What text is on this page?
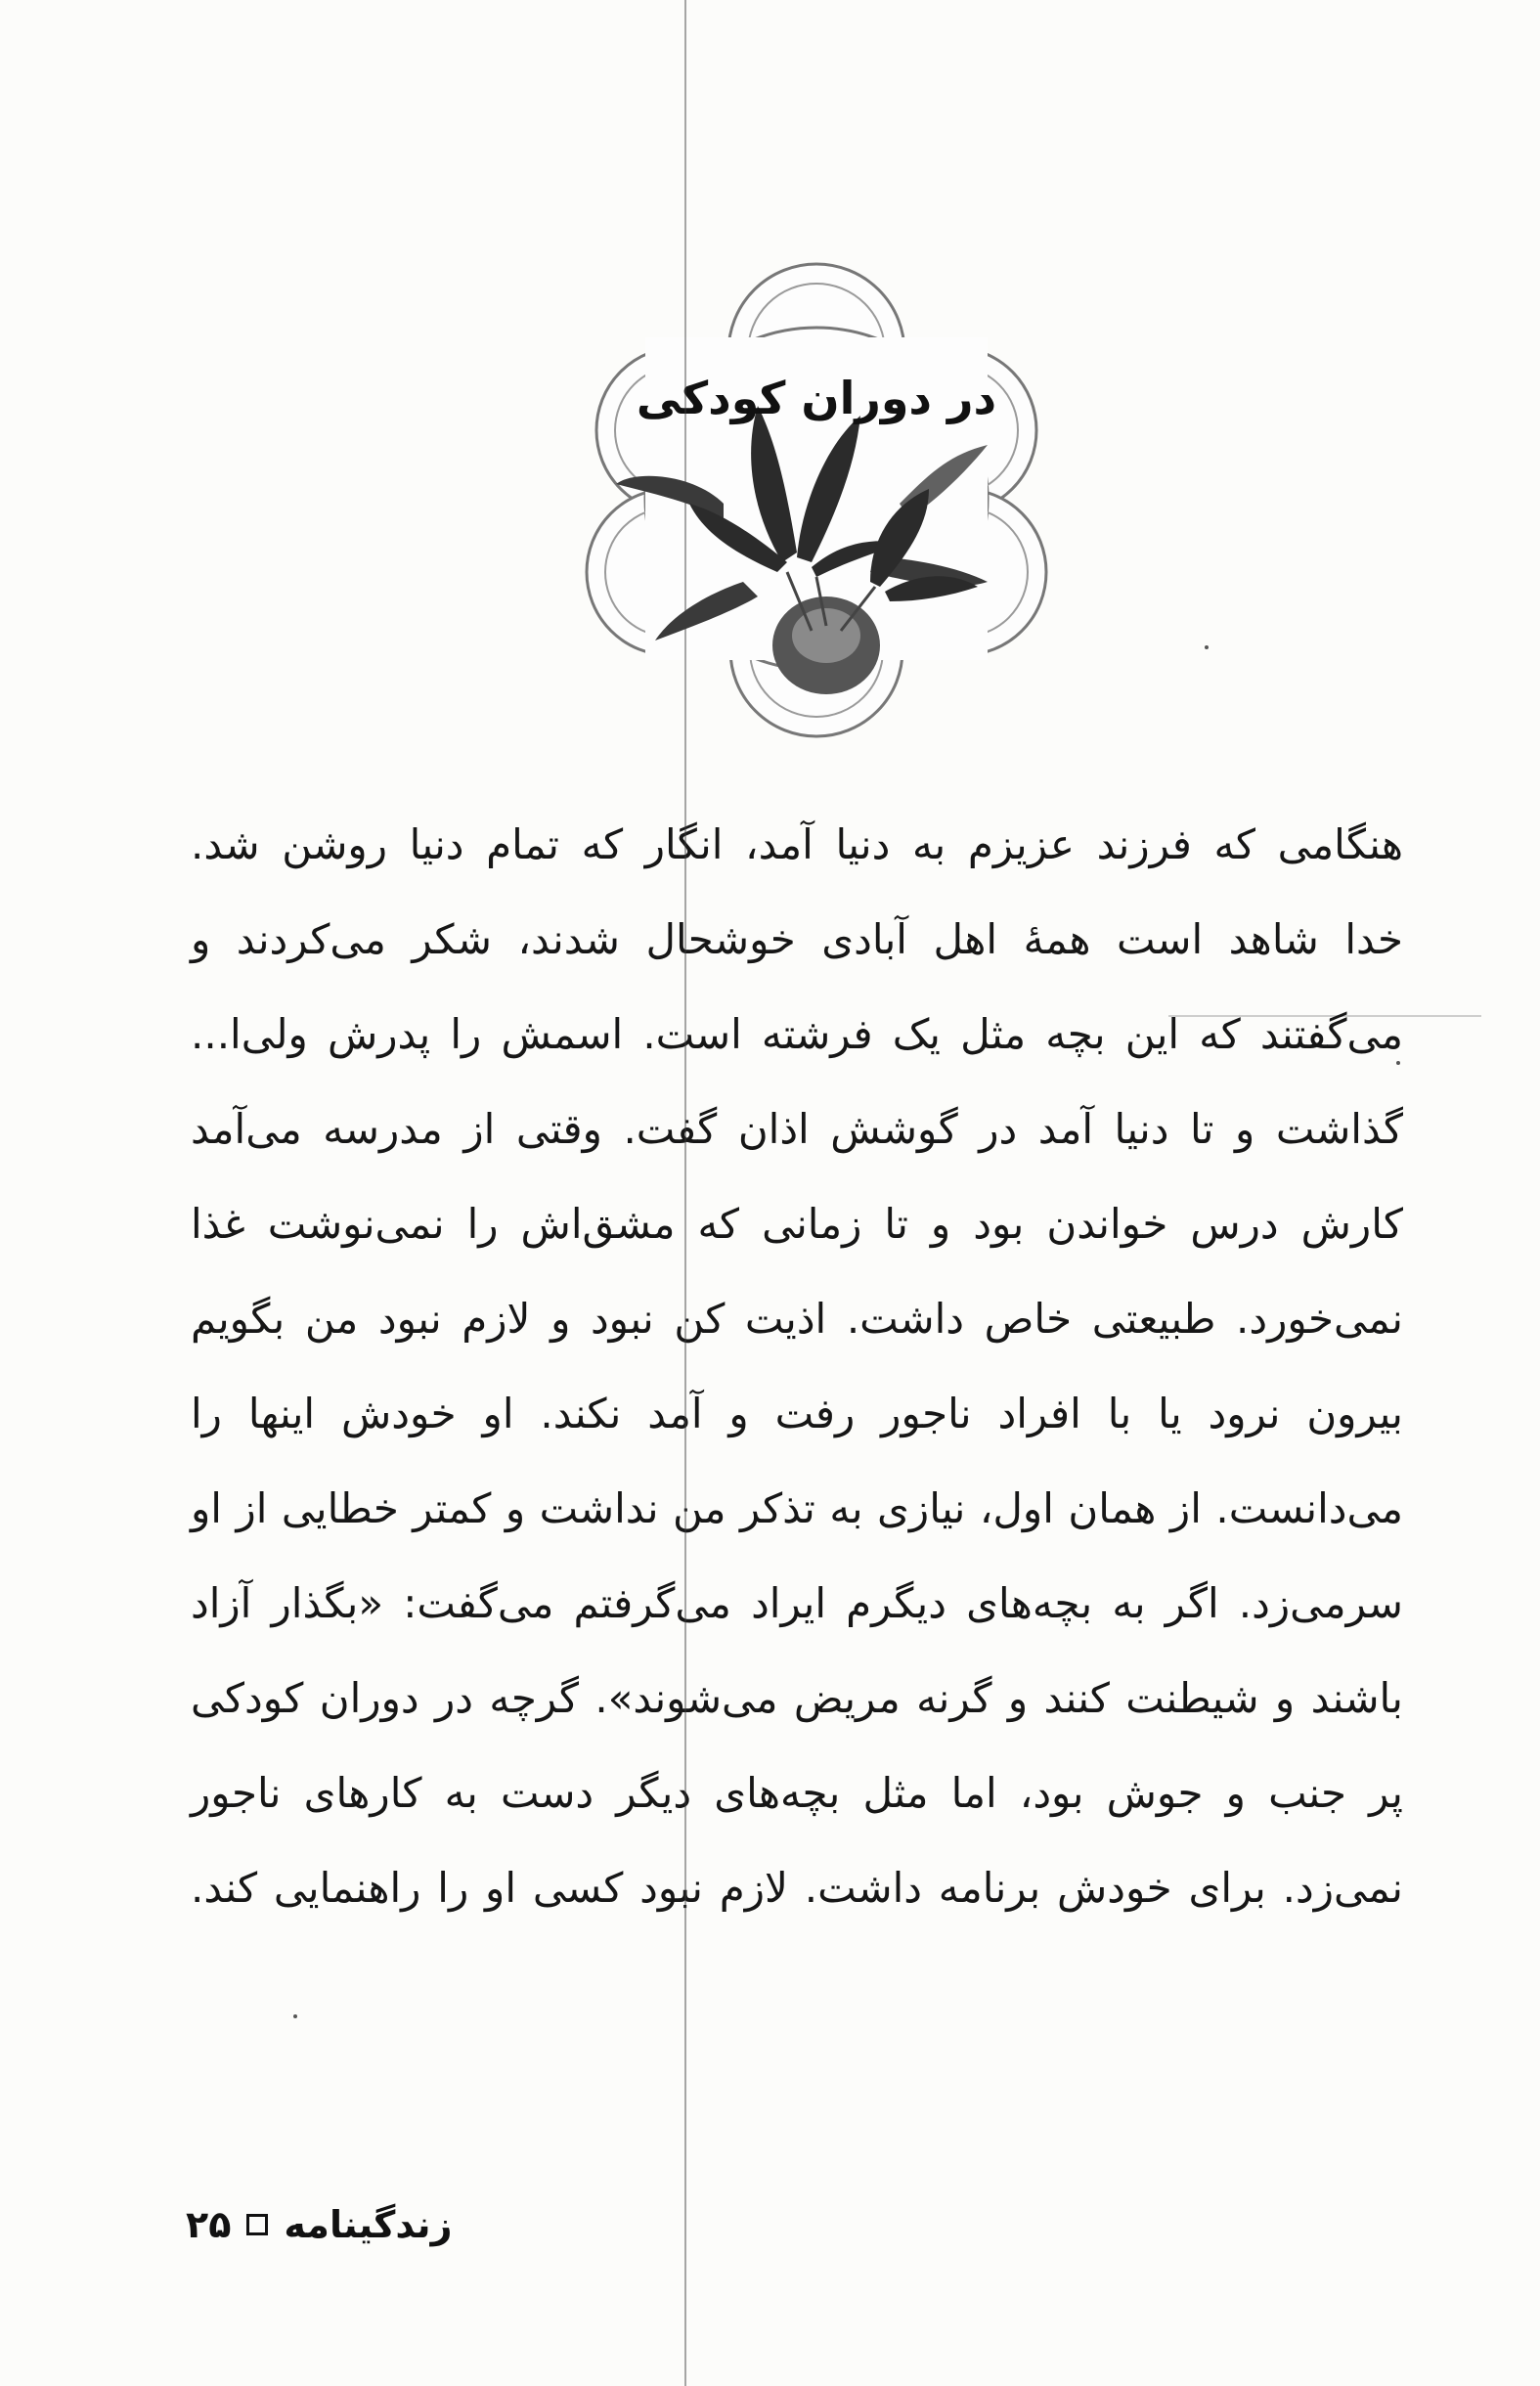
در دوران کودکی
هنگامی که فرزند عزیزم به دنیا آمد، انگار که تمام دنیا روشن شد.
خدا شاهد است همهٔ اهل آبادی خوشحال شدند، شکر می‌کردند و
می‌گفتند که این بچه مثل یک فرشته است. اسمش را پدرش ولی‌ا...
گذاشت و تا دنیا آمد در گوشش اذان گفت. وقتی از مدرسه می‌آمد
کارش درس خواندن بود و تا زمانی که مشق‌اش را نمی‌نوشت غذا
نمی‌خورد. طبیعتی خاص داشت. اذیت کن نبود و لازم نبود من بگویم
بیرون نرود یا با افراد ناجور رفت و آمد نکند. او خودش اینها را
می‌دانست. از همان اول، نیازی به تذکر من نداشت و کمتر خطایی از او
سرمی‌زد. اگر به بچه‌های دیگرم ایراد می‌گرفتم می‌گفت: «بگذار آزاد
باشند و شیطنت کنند و گرنه مریض می‌شوند». گرچه در دوران کودکی
پر جنب و جوش بود، اما مثل بچه‌های دیگر دست به کارهای ناجور
نمی‌زد. برای خودش برنامه داشت. لازم نبود کسی او را راهنمایی کند.
زندگینامه
۲۵
